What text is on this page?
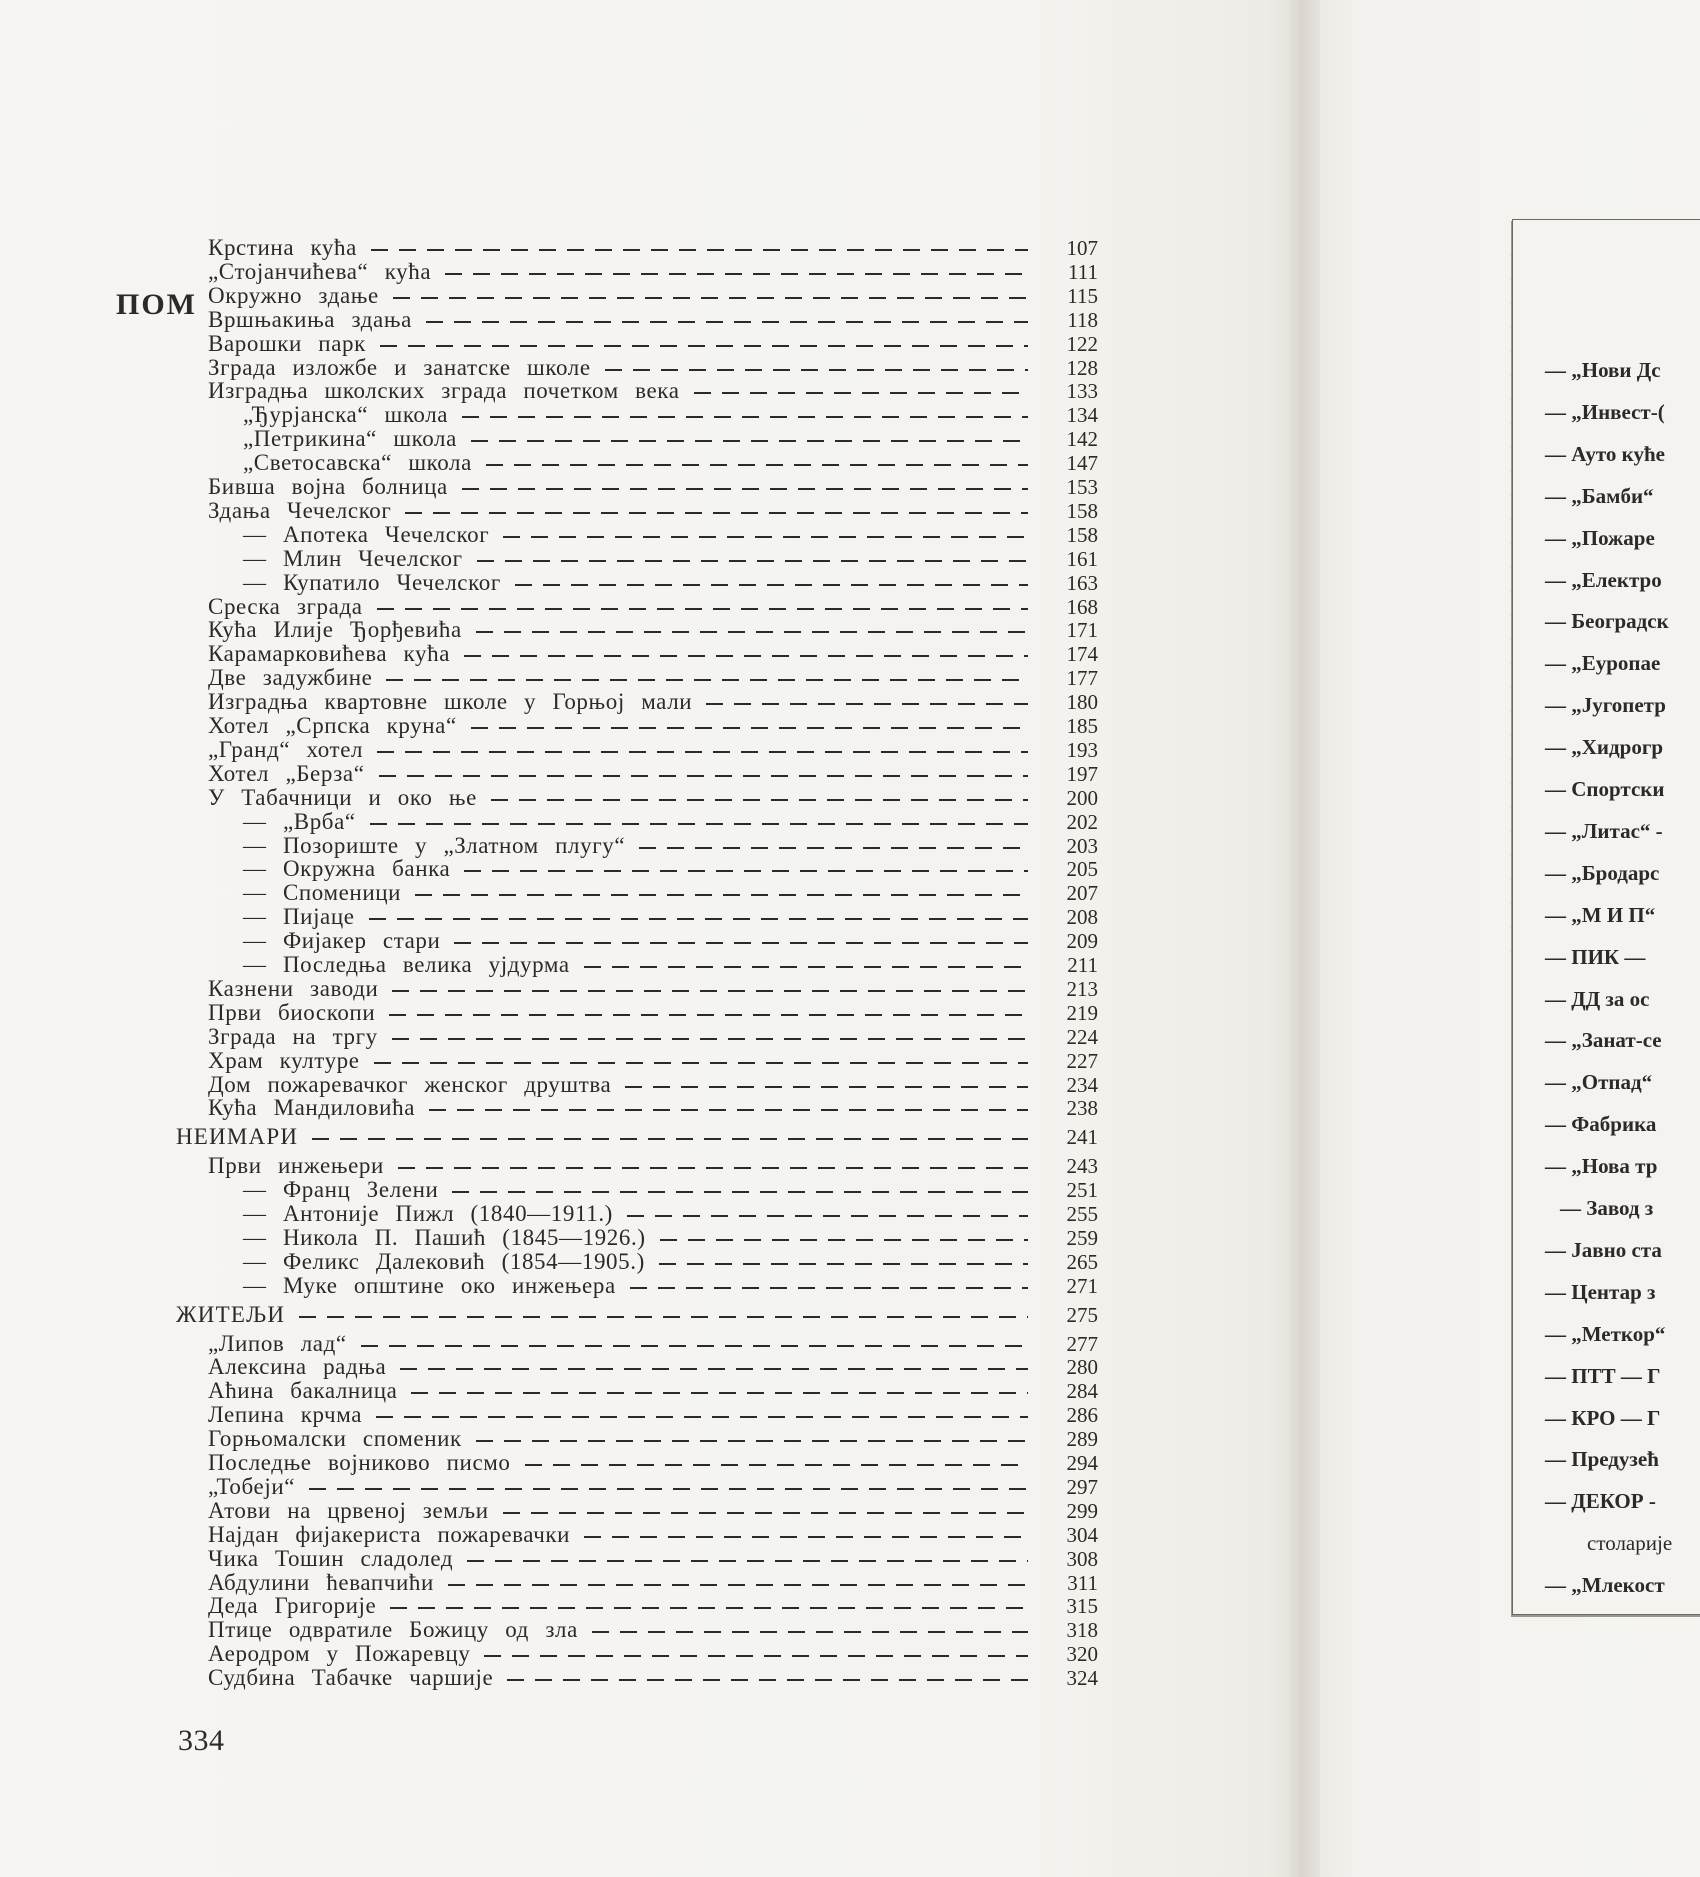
Крстина кућа	107
„Стојанчићева“ кућа	111
Окружно здање	115
Вршњакиња здања	118
Варошки парк	122
Зграда изложбе и занатске школе	128
Изградња школских зграда почетком века	133
„Ђурјанска“ школа	134
„Петрикина“ школа	142
„Светосавска“ школа	147
Бивша војна болница	153
Здања Чечелског	158
— Апотека Чечелског	158
— Млин Чечелског	161
— Купатило Чечелског	163
Среска зграда	168
Кућа Илије Ђорђевића	171
Карамарковићева кућа	174
Две задужбине	177
Изградња квартовне школе у Горњој мали	180
Хотел „Српска круна“	185
„Гранд“ хотел	193
Хотел „Берза“	197
У Табачници и око ње	200
— „Врба“	202
— Позориште у „Златном плугу“	203
— Окружна банка	205
— Споменици	207
— Пијаце	208
— Фијакер стари	209
— Последња велика ујдурма	211
Казнени заводи	213
Први биоскопи	219
Зграда на тргу	224
Храм културе	227
Дом пожаревачког женског друштва	234
Кућа Мандиловића	238
НЕИМАРИ	241
Први инжењери	243
— Франц Зелени	251
— Антоније Пижл (1840—1911.)	255
— Никола П. Пашић (1845—1926.)	259
— Феликс Далековић (1854—1905.)	265
— Муке општине око инжењера	271
ЖИТЕЉИ	275
„Липов лад“	277
Алексина радња	280
Аћина бакалница	284
Лепина крчма	286
Горњомалски споменик	289
Последње војниково писмо	294
„Тобеји“	297
Атови на црвеној земљи	299
Најдан фијакериста пожаревачки	304
Чика Тошин сладолед	308
Абдулини ћевапчићи	311
Деда Григорије	315
Птице одвратиле Божицу од зла	318
Аеродром у Пожаревцу	320
Судбина Табачке чаршије	324
334
ПОМ
— „Нови Дс
— „Инвест-(
— Ауто куће
— „Бамби“
— „Пожаре
— „Електро
— Београдск
— „Еуропае
— „Југопетр
— „Хидрогр
— Спортски
— „Литас“ -
— „Бродарс
— „М И П“
— ПИК —
— ДД за ос
— „Занат-се
— „Отпад“
— Фабрика
— „Нова тр
— Завод з
— Јавно ста
— Центар з
— „Меткор“
— ПТТ — Г
— КРО — Г
— Предузећ
— ДЕКОР -
столарије
— „Млекост
